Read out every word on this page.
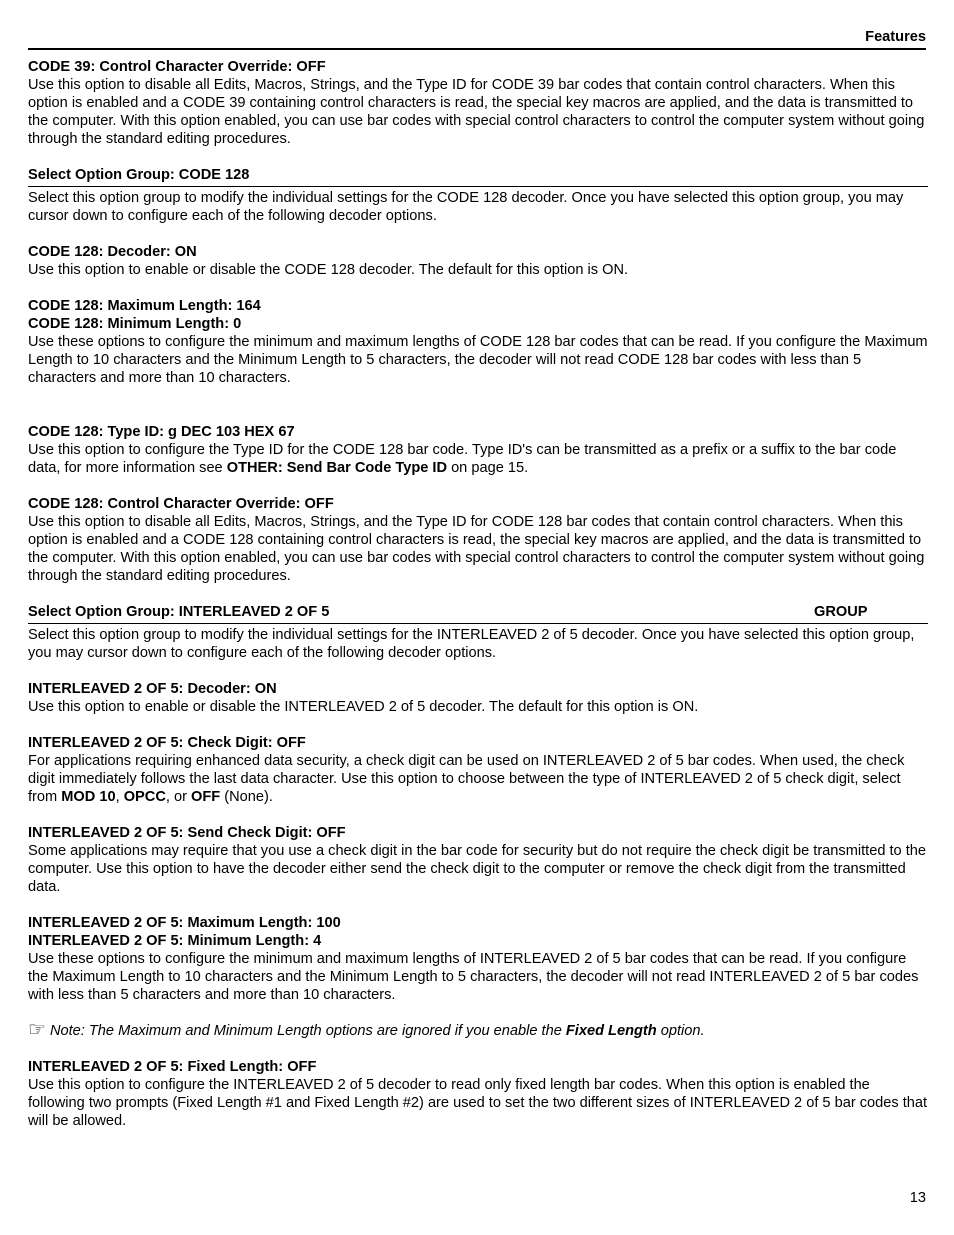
Features
CODE 39: Control Character Override: OFF

Use this option to disable all Edits, Macros, Strings, and the Type ID for CODE 39 bar codes that contain control characters. When this option is enabled and a CODE 39 containing control characters is read, the special key macros are applied, and the data is transmitted to the computer. With this option enabled, you can use bar codes with special control characters to control the computer system without going through the standard editing procedures.

Select Option Group: CODE 128

Select this option group to modify the individual settings for the CODE 128 decoder. Once you have selected this option group, you may cursor down to configure each of the following decoder options.

CODE 128: Decoder: ON

Use this option to enable or disable the CODE 128 decoder. The default for this option is ON.

CODE 128: Maximum Length: 164
CODE 128: Minimum Length: 0

Use these options to configure the minimum and maximum lengths of CODE 128 bar codes that can be read. If you configure the Maximum Length to 10 characters and the Minimum Length to 5 characters, the decoder will not read CODE 128 bar codes with less than 5 characters and more than 10 characters.

CODE 128: Type ID: g DEC 103 HEX 67

Use this option to configure the Type ID for the CODE 128 bar code. Type ID's can be transmitted as a prefix or a suffix to the bar code data, for more information see OTHER: Send Bar Code Type ID on page 15.

CODE 128: Control Character Override: OFF

Use this option to disable all Edits, Macros, Strings, and the Type ID for CODE 128 bar codes that contain control characters. When this option is enabled and a CODE 128 containing control characters is read, the special key macros are applied, and the data is transmitted to the computer. With this option enabled, you can use bar codes with special control characters to control the computer system without going through the standard editing procedures.

Select Option Group: INTERLEAVED 2 OF 5	GROUP

Select this option group to modify the individual settings for the INTERLEAVED 2 of 5 decoder. Once you have selected this option group, you may cursor down to configure each of the following decoder options.

INTERLEAVED 2 OF 5: Decoder: ON

Use this option to enable or disable the INTERLEAVED 2 of 5 decoder. The default for this option is ON.

INTERLEAVED 2 OF 5: Check Digit: OFF

For applications requiring enhanced data security, a check digit can be used on INTERLEAVED 2 of 5 bar codes. When used, the check digit immediately follows the last data character. Use this option to choose between the type of INTERLEAVED 2 of 5 check digit, select from MOD 10, OPCC, or OFF (None).

INTERLEAVED 2 OF 5: Send Check Digit: OFF

Some applications may require that you use a check digit in the bar code for security but do not require the check digit be transmitted to the computer. Use this option to have the decoder either send the check digit to the computer or remove the check digit from the transmitted data.

INTERLEAVED 2 OF 5: Maximum Length: 100
INTERLEAVED 2 OF 5: Minimum Length: 4

Use these options to configure the minimum and maximum lengths of INTERLEAVED 2 of 5 bar codes that can be read. If you configure the Maximum Length to 10 characters and the Minimum Length to 5 characters, the decoder will not read INTERLEAVED 2 of 5 bar codes with less than 5 characters and more than 10 characters.

☞ Note: The Maximum and Minimum Length options are ignored if you enable the Fixed Length option.
INTERLEAVED 2 OF 5: Fixed Length: OFF

Use this option to configure the INTERLEAVED 2 of 5 decoder to read only fixed length bar codes. When this option is enabled the following two prompts (Fixed Length #1 and Fixed Length #2) are used to set the two different sizes of INTERLEAVED 2 of 5 bar codes that will be allowed.

13
